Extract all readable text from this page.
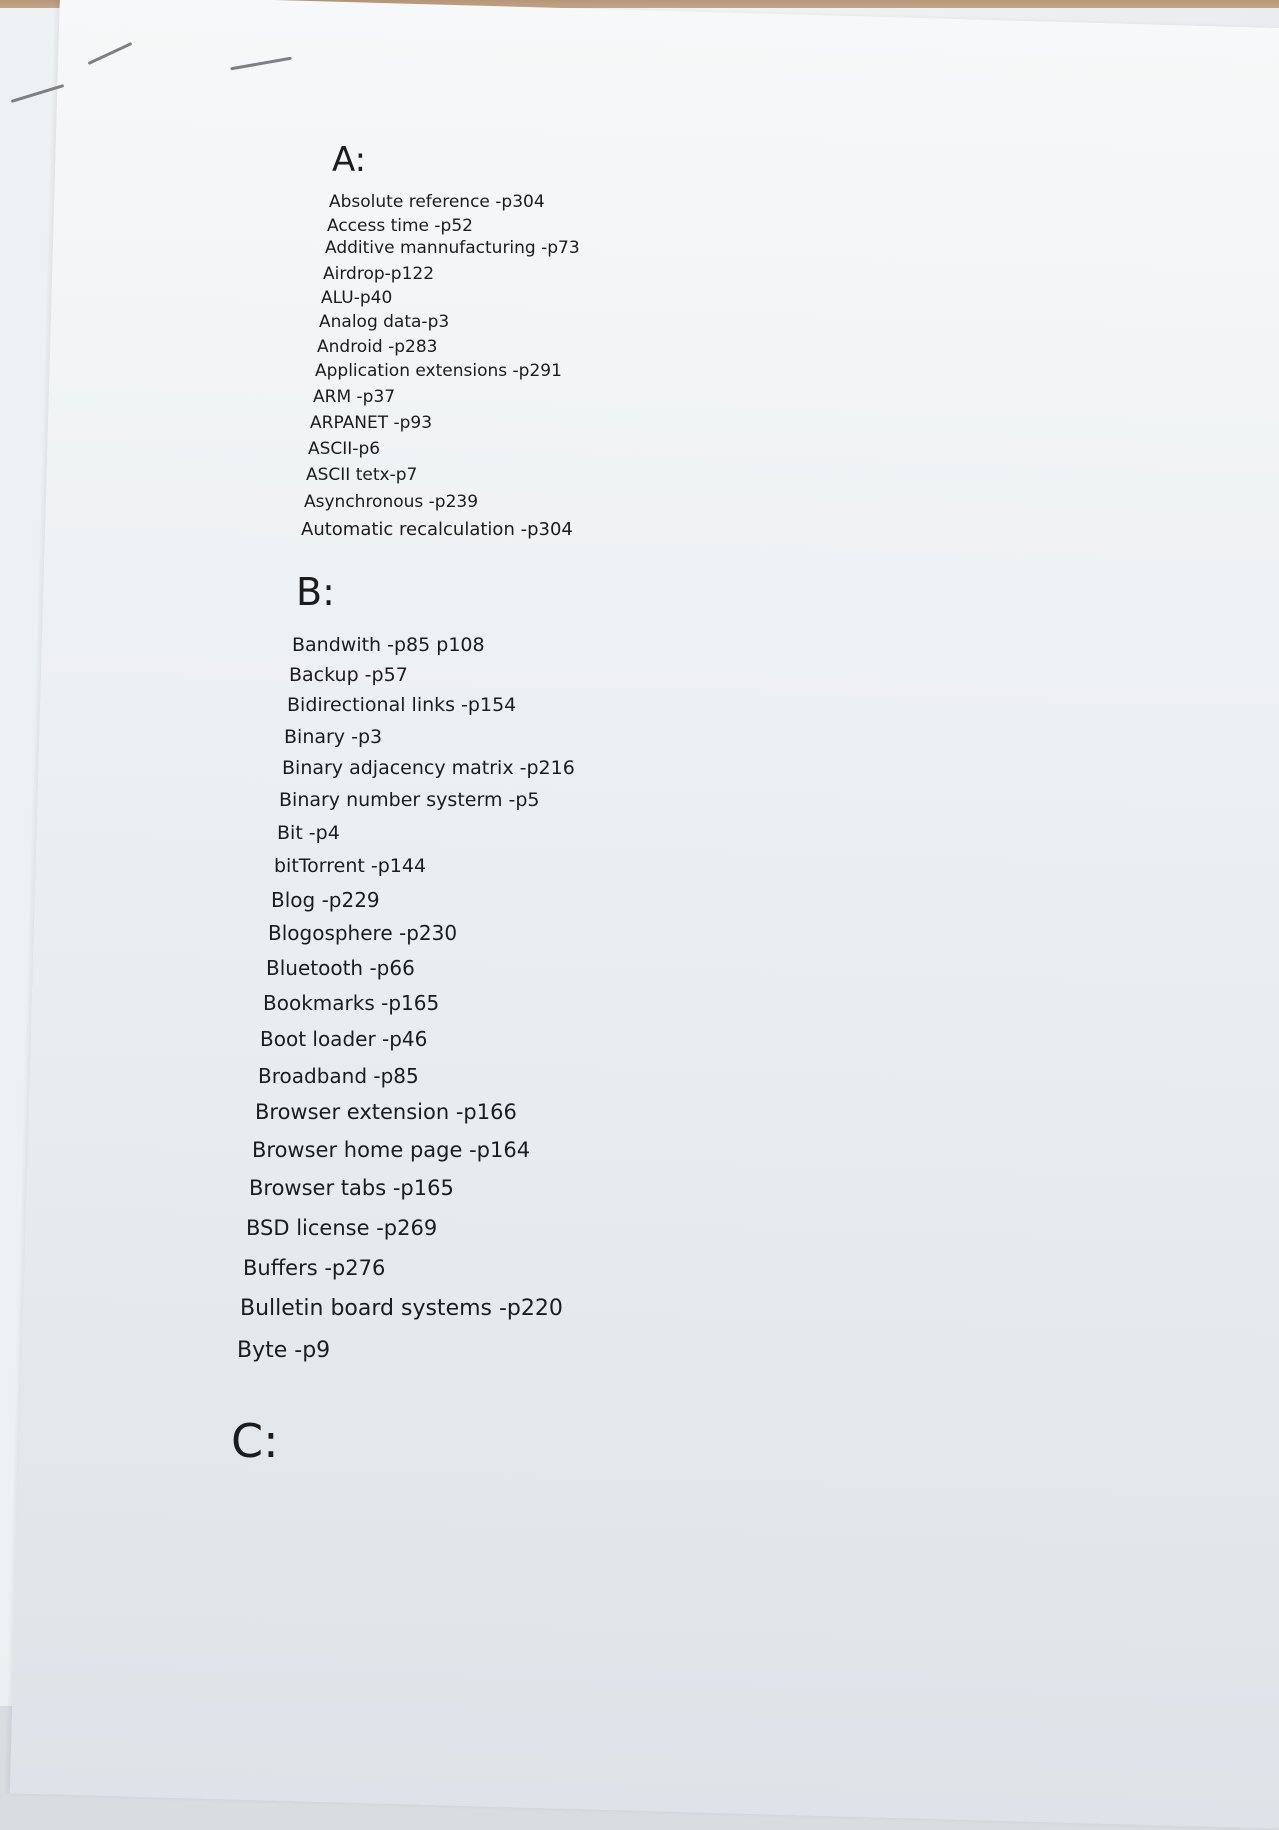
A:
Absolute reference -p304
Access time -p52
Additive mannufacturing -p73
Airdrop-p122
ALU-p40
Analog data-p3
Android -p283
Application extensions -p291
ARM -p37
ARPANET -p93
ASCII-p6
ASCII tetx-p7
Asynchronous -p239
Automatic recalculation -p304
B:
Bandwith -p85 p108
Backup -p57
Bidirectional links -p154
Binary -p3
Binary adjacency matrix -p216
Binary number systerm -p5
Bit -p4
bitTorrent -p144
Blog -p229
Blogosphere -p230
Bluetooth -p66
Bookmarks -p165
Boot loader -p46
Broadband -p85
Browser extension -p166
Browser home page -p164
Browser tabs -p165
BSD license -p269
Buffers -p276
Bulletin board systems -p220
Byte -p9
C:
